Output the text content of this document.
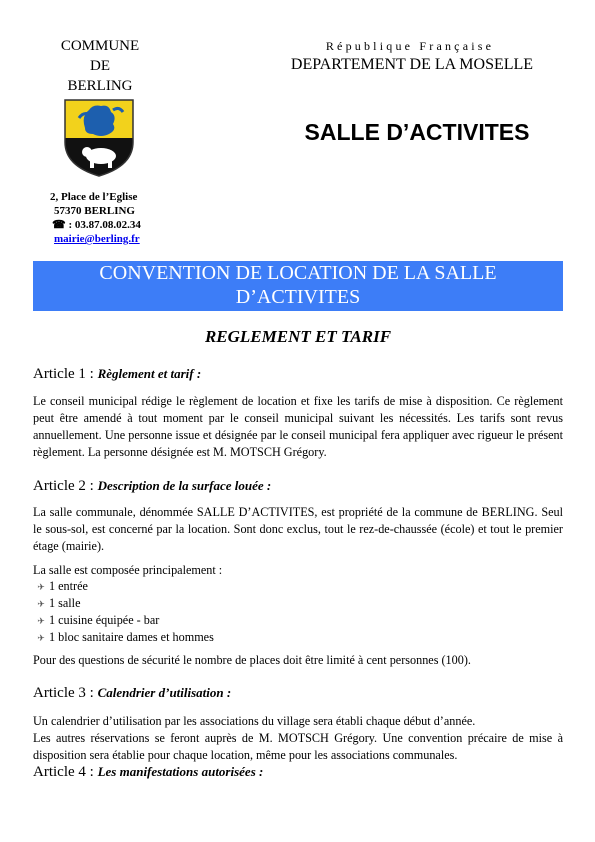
COMMUNE
DE
BERLING
2, Place de l’Eglise
57370 BERLING
☎ : 03.87.08.02.34
mairie@berling.fr
République Française
DEPARTEMENT DE LA MOSELLE
SALLE D’ACTIVITES
CONVENTION DE LOCATION DE LA SALLE
D’ACTIVITES
REGLEMENT ET TARIF
Article 1 : Règlement et tarif :
Le conseil municipal rédige le règlement de location et fixe les tarifs de mise à disposition. Ce règlement peut être amendé à tout moment par le conseil municipal suivant les nécessités. Les tarifs sont revus annuellement. Une personne issue et désignée par le conseil municipal fera appliquer avec rigueur le présent règlement. La personne désignée est M. MOTSCH Grégory.
Article 2 : Description de la surface louée :
La salle communale, dénommée SALLE D’ACTIVITES, est propriété de la commune de BERLING. Seul le sous-sol, est concerné par la location. Sont donc exclus, tout le rez-de-chaussée (école) et tout le premier étage (mairie).
La salle est composée principalement :
✈ 1 entrée
✈ 1 salle
✈ 1 cuisine équipée - bar
✈ 1 bloc sanitaire dames et hommes
Pour des questions de sécurité le nombre de places doit être limité à cent personnes (100).
Article 3 : Calendrier d’utilisation :
Un calendrier d’utilisation par les associations du village sera établi chaque début d’année.
Les autres réservations se feront auprès de M. MOTSCH Grégory. Une convention précaire de mise à disposition sera établie pour chaque location, même pour les associations communales.
Article 4 : Les manifestations autorisées :
